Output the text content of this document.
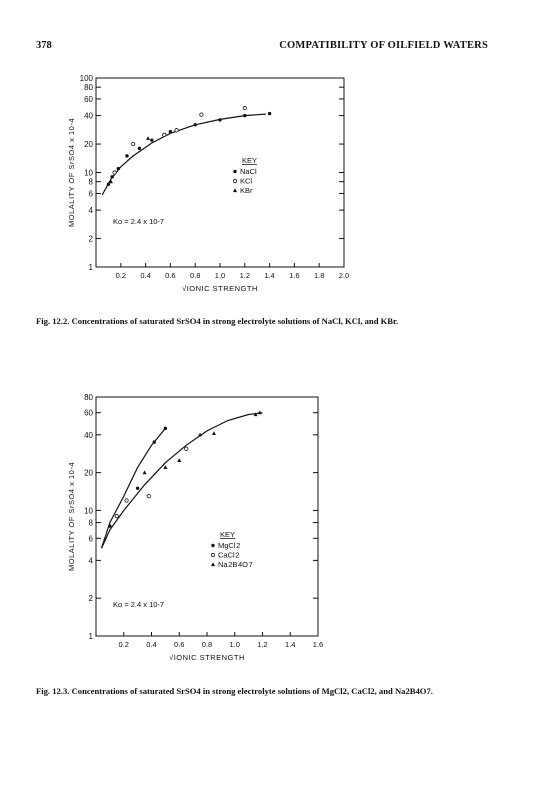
378	COMPATIBILITY OF OILFIELD WATERS
0.2 0.4 0.6 0.8 1.0 1.2 1.4 1.6 1.8 2.0
1
2
4
6
8
10
20
40
60
80
100
√IONIC STRENGTH
MOLALITY OF SrSO4 x 10-4	KEY
NaCl
KCl
KBr
Ko = 2.4 x 10-7
Fig. 12.2. Concentrations of saturated SrSO4 in strong electrolyte solutions of NaCl, KCl, and KBr.
0.2 0.4 0.6 0.8 1.0 1.2 1.4 1.6
1
2
4
6
8
10
20
40
60
80
√IONIC STRENGTH
MOLALITY OF SrSO4 x 10-4	KEY
MgCl 2
CaCl 2
Na 2B 4O 7
Ko = 2.4 x 10-7
Fig. 12.3. Concentrations of saturated SrSO4 in strong electrolyte solutions of MgCl2, CaCl2, and Na2B4O7.
